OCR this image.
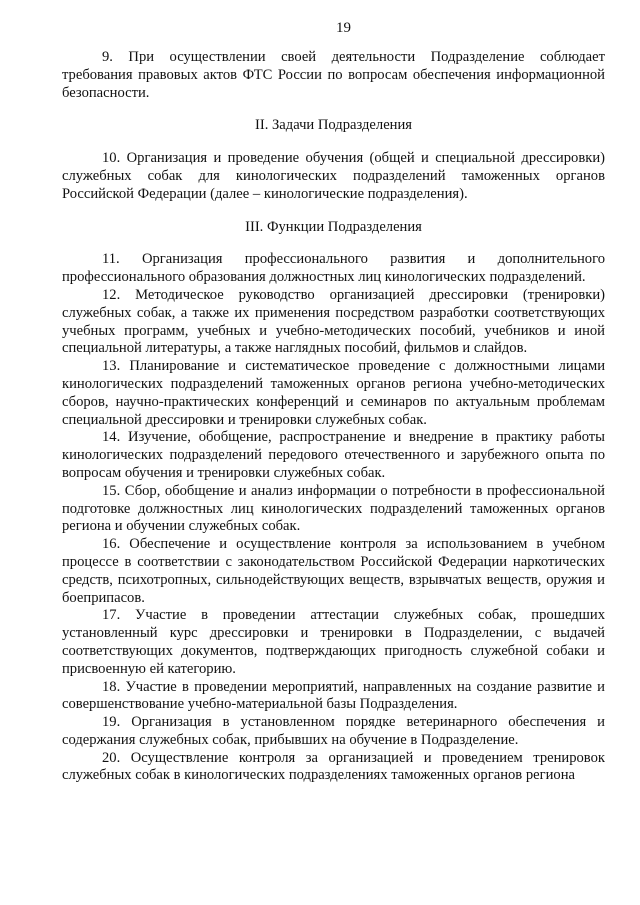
19

9. При осуществлении своей деятельности Подразделение соблюдает требования правовых актов ФТС России по вопросам обеспечения информационной безопасности.

II. Задачи Подразделения

10. Организация и проведение обучения (общей и специальной дрессировки) служебных собак для кинологических подразделений таможенных органов Российской Федерации (далее – кинологические подразделения).

III. Функции Подразделения

11. Организация профессионального развития и дополнительного профессионального образования должностных лиц кинологических подразделений.

12. Методическое руководство организацией дрессировки (тренировки) служебных собак, а также их применения посредством разработки соответствующих учебных программ, учебных и учебно-методических пособий, учебников и иной специальной литературы, а также наглядных пособий, фильмов и слайдов.

13. Планирование и систематическое проведение с должностными лицами кинологических подразделений таможенных органов региона учебно-методических сборов, научно-практических конференций и семинаров по актуальным проблемам специальной дрессировки и тренировки служебных собак.

14. Изучение, обобщение, распространение и внедрение в практику работы кинологических подразделений передового отечественного и зарубежного опыта по вопросам обучения и тренировки служебных собак.

15. Сбор, обобщение и анализ информации о потребности в профессиональной подготовке должностных лиц кинологических подразделений таможенных органов региона и обучении служебных собак.

16. Обеспечение и осуществление контроля за использованием в учебном процессе в соответствии с законодательством Российской Федерации наркотических средств, психотропных, сильнодействующих веществ, взрывчатых веществ, оружия и боеприпасов.

17. Участие в проведении аттестации служебных собак, прошедших установленный курс дрессировки и тренировки в Подразделении, с выдачей соответствующих документов, подтверждающих пригодность служебной собаки и присвоенную ей категорию.

18. Участие в проведении мероприятий, направленных на создание развитие и совершенствование учебно-материальной базы Подразделения.

19. Организация в установленном порядке ветеринарного обеспечения и содержания служебных собак, прибывших на обучение в Подразделение.

20. Осуществление контроля за организацией и проведением тренировок служебных собак в кинологических подразделениях таможенных органов региона
